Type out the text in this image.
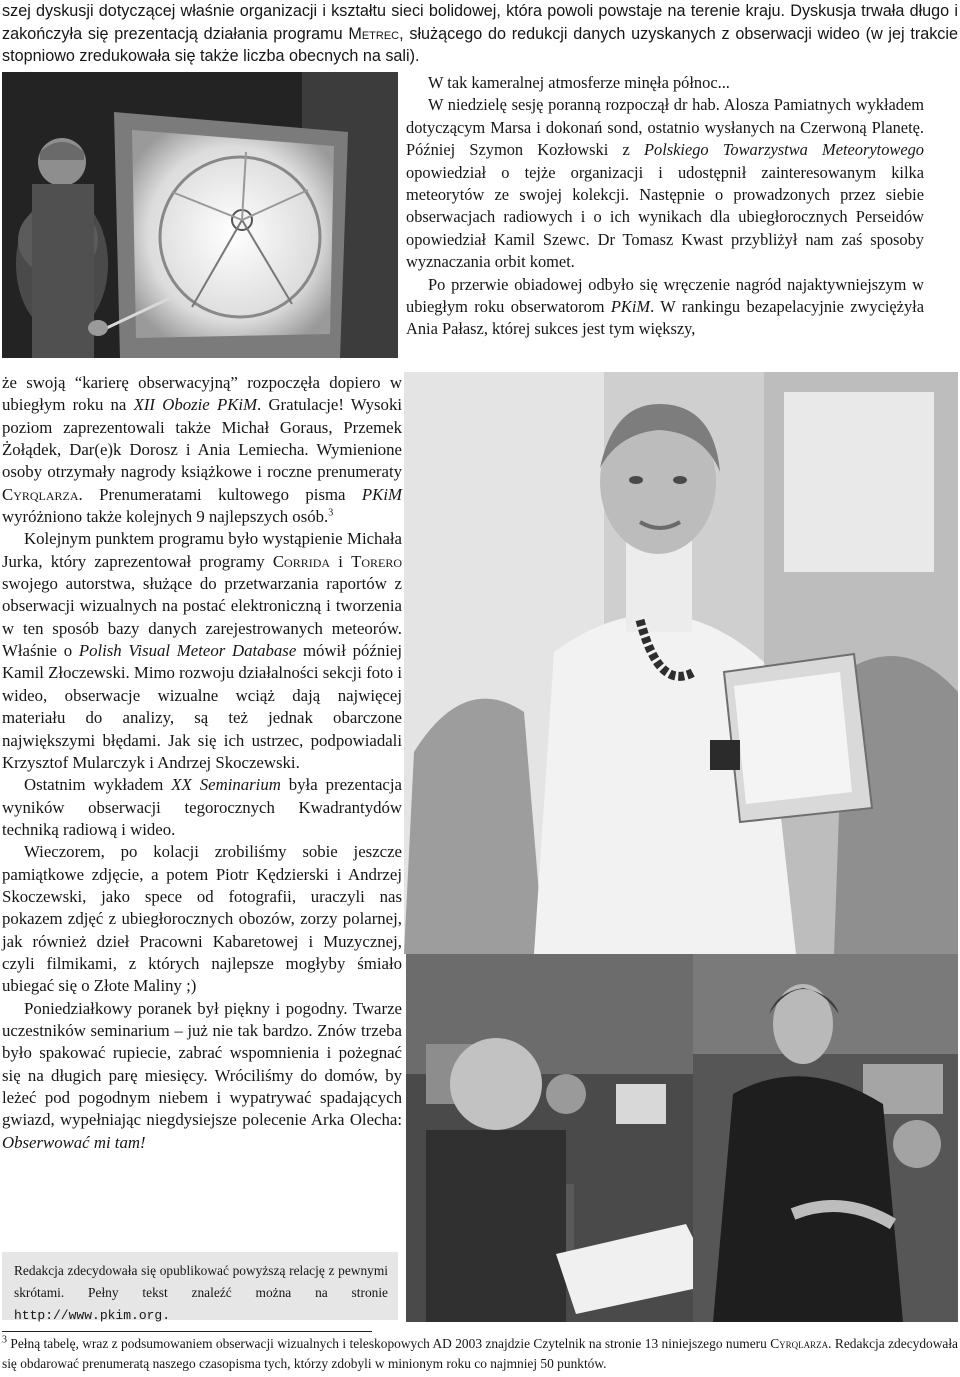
szej dyskusji dotyczącej właśnie organizacji i kształtu sieci bolidowej, która powoli powstaje na terenie kraju. Dyskusja trwała długo i zakończyła się prezentacją działania programu Metrec, służącego do redukcji danych uzyskanych z obserwacji wideo (w jej trakcie stopniowo zredukowała się także liczba obecnych na sali).

W tak kameralnej atmosferze minęła północ...

W niedzielę sesję poranną rozpoczął dr hab. Alosza Pamiatnych wykładem dotyczącym Marsa i dokonań sond, ostatnio wysłanych na Czerwoną Planetę. Później Szymon Kozłowski z Polskiego Towarzystwa Meteorytowego opowiedział o tejże organizacji i udostępnił zainteresowanym kilka meteorytów ze swojej kolekcji. Następnie o prowadzonych przez siebie obserwacjach radiowych i o ich wynikach dla ubiegłorocznych Perseidów opowiedział Kamil Szewc. Dr Tomasz Kwast przybliżył nam zaś sposoby wyznaczania orbit komet.

Po przerwie obiadowej odbyło się wręczenie nagród najaktywniejszym w ubiegłym roku obserwatorom PKiM. W rankingu bezapelacyjnie zwyciężyła Ania Pałasz, której sukces jest tym większy,

że swoją “karierę obserwacyjną” rozpoczęła dopiero w ubiegłym roku na XII Obozie PKiM. Gratulacje! Wysoki poziom zaprezentowali także Michał Goraus, Przemek Żołądek, Dar(e)k Dorosz i Ania Lemiecha. Wymienione osoby otrzymały nagrody książkowe i roczne prenumeraty Cyrqlarza. Prenumeratami kultowego pisma PKiM wyróżniono także kolejnych 9 najlepszych osób.$^3$

Kolejnym punktem programu było wystąpienie Michała Jurka, który zaprezentował programy Corrida i Torero swojego autorstwa, służące do przetwarzania raportów z obserwacji wizualnych na postać elektroniczną i tworzenia w ten sposób bazy danych zarejestrowanych meteorów. Właśnie o Polish Visual Meteor Database mówił później Kamil Złoczewski. Mimo rozwoju działalności sekcji foto i wideo, obserwacje wizualne wciąż dają najwięcej materiału do analizy, są też jednak obarczone największymi błędami. Jak się ich ustrzec, podpowiadali Krzysztof Mularczyk i Andrzej Skoczewski.

Ostatnim wykładem XX Seminarium była prezentacja wyników obserwacji tegorocznych Kwadrantydów techniką radiową i wideo.

Wieczorem, po kolacji zrobiliśmy sobie jeszcze pamiątkowe zdjęcie, a potem Piotr Kędzierski i Andrzej Skoczewski, jako spece od fotografii, uraczyli nas pokazem zdjęć z ubiegłorocznych obozów, zorzy polarnej, jak również dzieł Pracowni Kabaretowej i Muzycznej, czyli filmikami, z których najlepsze mogłyby śmiało ubiegać się o Złote Maliny ;)

Poniedziałkowy poranek był piękny i pogodny. Twarze uczestników seminarium – już nie tak bardzo. Znów trzeba było spakować rupiecie, zabrać wspomnienia i pożegnać się na długich parę miesięcy. Wróciliśmy do domów, by leżeć pod pogodnym niebem i wypatrywać spadających gwiazd, wypełniając niegdysiejsze polecenie Arka Olecha: Obserwować mi tam!

Redakcja zdecydowała się opublikować powyższą relację z pewnymi skrótami. Pełny tekst znaleźć można na stronie http://www.pkim.org.
$^3$ Pełną tabelę, wraz z podsumowaniem obserwacji wizualnych i teleskopowych AD 2003 znajdzie Czytelnik na stronie 13 niniejszego numeru Cyrqlarza. Redakcja zdecydowała się obdarować prenumeratą naszego czasopisma tych, którzy zdobyli w minionym roku co najmniej 50 punktów.
